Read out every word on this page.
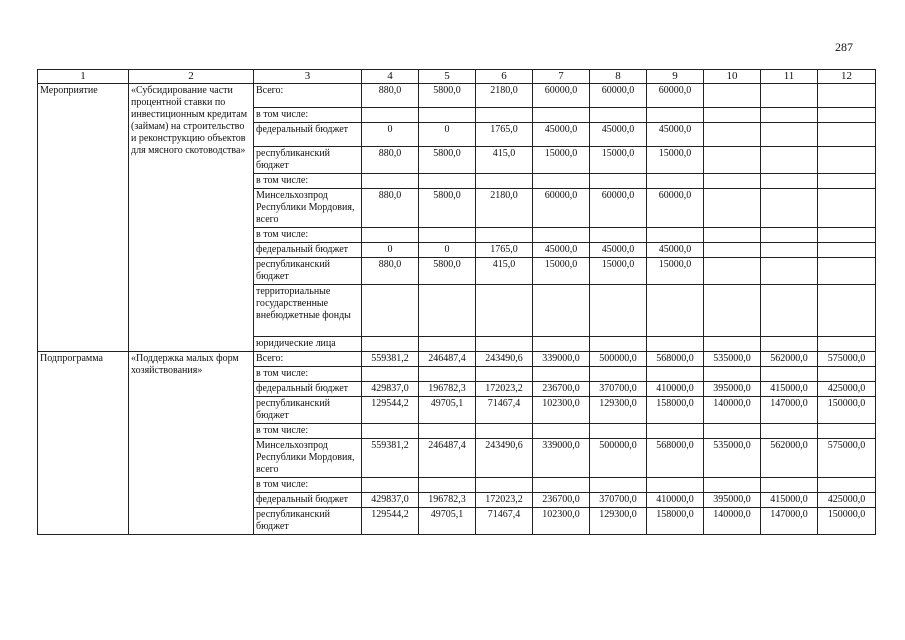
287
1	2	3	4	5	6	7	8	9	10	11	12
Мероприятие	«Субсидирование части процентной ставки по инвестиционным кредитам (займам) на строительство и реконструкцию объектов для мясного скотоводства»	Всего:	880,0	5800,0	2180,0	60000,0	60000,0	60000,0			
		в том числе:									
		федеральный бюджет	0	0	1765,0	45000,0	45000,0	45000,0			
		республиканский бюджет	880,0	5800,0	415,0	15000,0	15000,0	15000,0			
		в том числе:									
		Минсельхозпрод Республики Мордовия, всего	880,0	5800,0	2180,0	60000,0	60000,0	60000,0			
		в том числе:									
		федеральный бюджет	0	0	1765,0	45000,0	45000,0	45000,0			
		республиканский бюджет	880,0	5800,0	415,0	15000,0	15000,0	15000,0			
		территориальные государственные внебюджетные фонды									
		юридические лица									
Подпрограмма	«Поддержка малых форм хозяйствования»	Всего:	559381,2	246487,4	243490,6	339000,0	500000,0	568000,0	535000,0	562000,0	575000,0
		в том числе:									
		федеральный бюджет	429837,0	196782,3	172023,2	236700,0	370700,0	410000,0	395000,0	415000,0	425000,0
		республиканский бюджет	129544,2	49705,1	71467,4	102300,0	129300,0	158000,0	140000,0	147000,0	150000,0
		в том числе:									
		Минсельхозпрод Республики Мордовия, всего	559381,2	246487,4	243490,6	339000,0	500000,0	568000,0	535000,0	562000,0	575000,0
		в том числе:									
		федеральный бюджет	429837,0	196782,3	172023,2	236700,0	370700,0	410000,0	395000,0	415000,0	425000,0
		республиканский бюджет	129544,2	49705,1	71467,4	102300,0	129300,0	158000,0	140000,0	147000,0	150000,0
